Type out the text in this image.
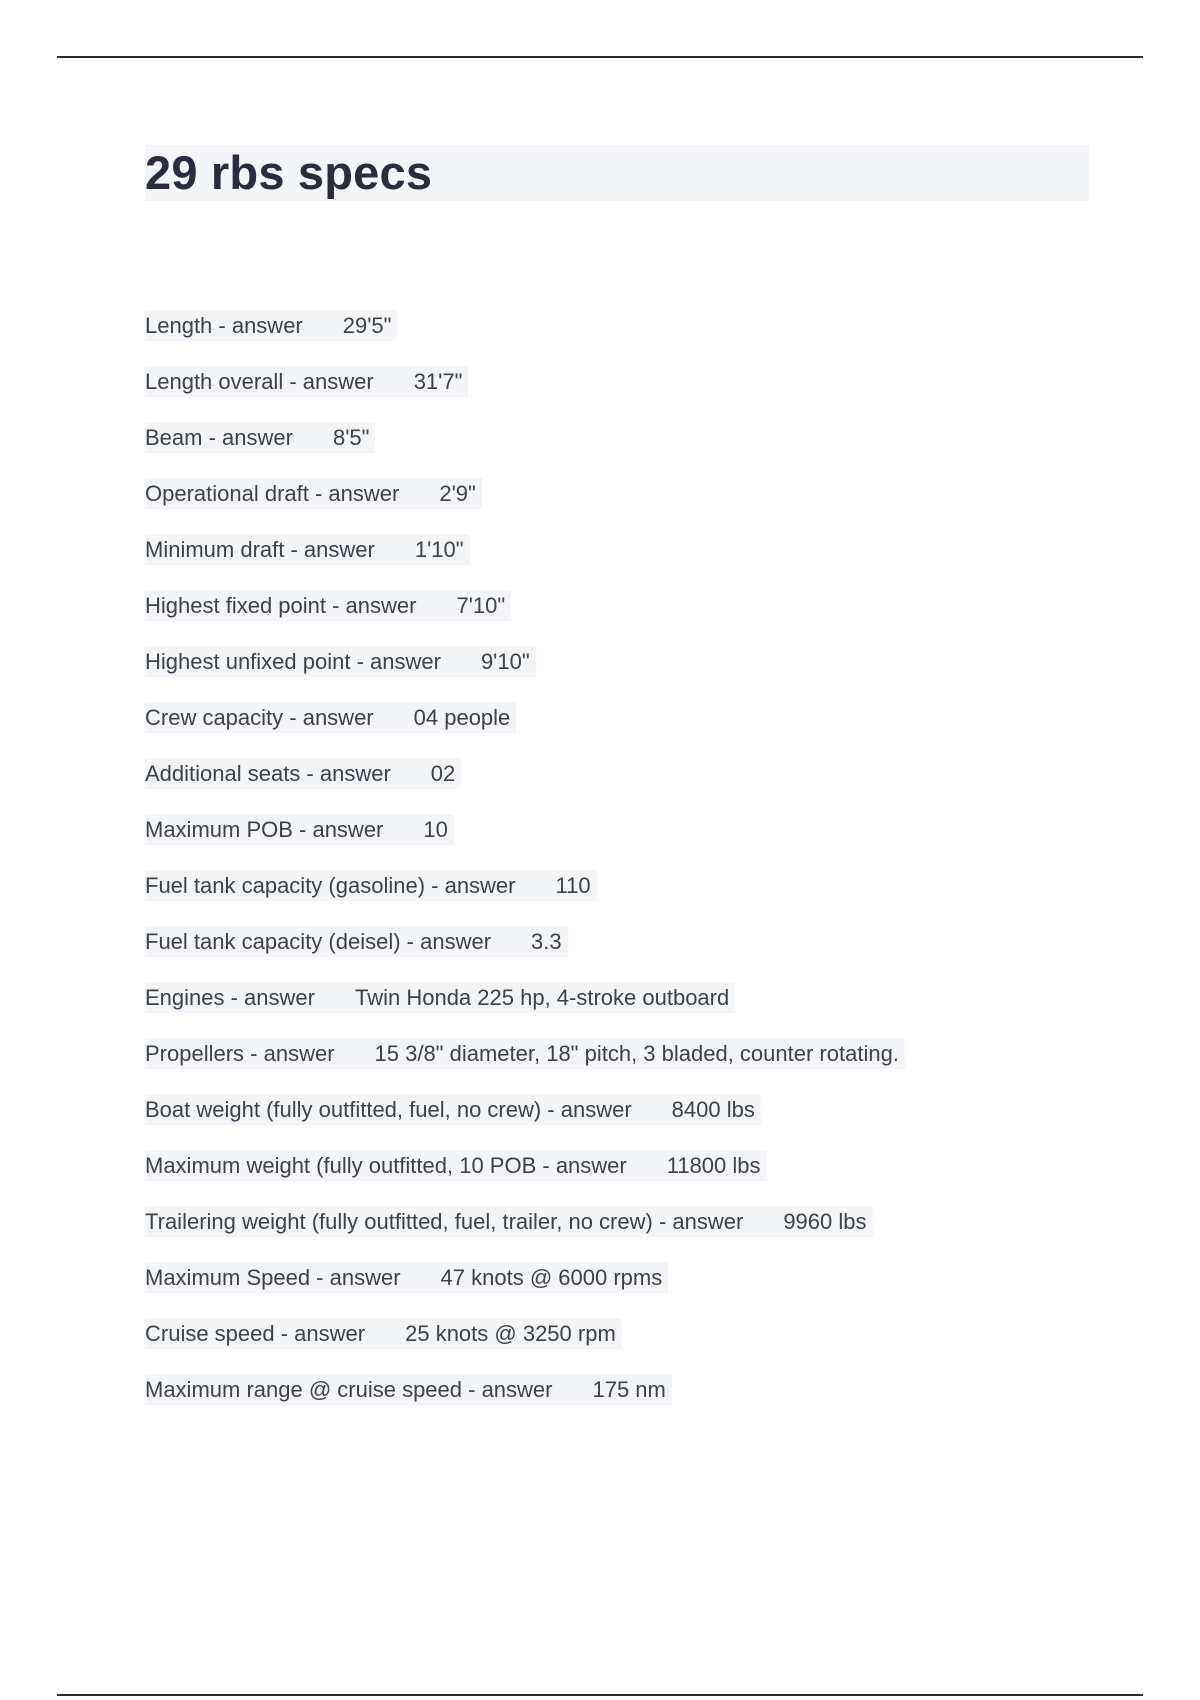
29 rbs specs
Length - answer 29'5"
Length overall - answer 31'7"
Beam - answer 8'5"
Operational draft - answer 2'9"
Minimum draft - answer 1'10"
Highest fixed point - answer 7'10"
Highest unfixed point - answer 9'10"
Crew capacity - answer 04 people
Additional seats - answer 02
Maximum POB - answer 10
Fuel tank capacity (gasoline) - answer 110
Fuel tank capacity (deisel) - answer 3.3
Engines - answer Twin Honda 225 hp, 4-stroke outboard
Propellers - answer 15 3/8" diameter, 18" pitch, 3 bladed, counter rotating.
Boat weight (fully outfitted, fuel, no crew) - answer 8400 lbs
Maximum weight (fully outfitted, 10 POB - answer 11800 lbs
Trailering weight (fully outfitted, fuel, trailer, no crew) - answer 9960 lbs
Maximum Speed - answer 47 knots @ 6000 rpms
Cruise speed - answer 25 knots @ 3250 rpm
Maximum range @ cruise speed - answer 175 nm
